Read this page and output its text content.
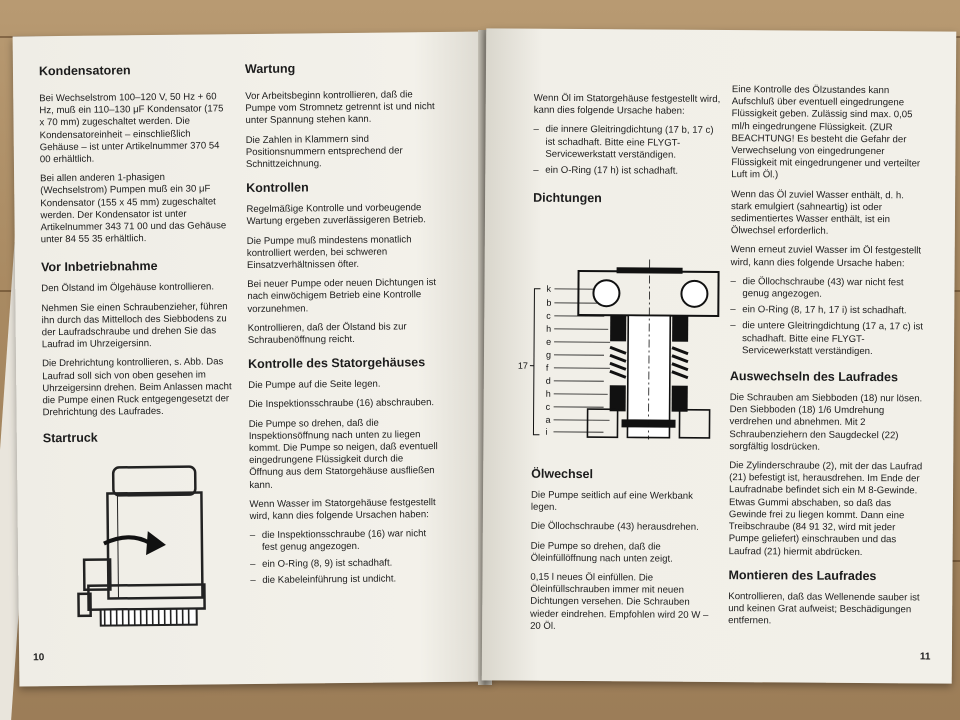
Kondensatoren

Bei Wechselstrom 100–120 V, 50 Hz + 60 Hz, muß ein 110–130 μF Kondensator (175 x 70 mm) zugeschaltet werden. Die Kondensatoreinheit – einschließlich Gehäuse – ist unter Artikelnummer 370 54 00 erhältlich.

Bei allen anderen 1-phasigen (Wechselstrom) Pumpen muß ein 30 μF Kondensator (155 x 45 mm) zugeschaltet werden. Der Kondensator ist unter Artikelnummer 343 71 00 und das Gehäuse unter 84 55 35 erhältlich.

Vor Inbetriebnahme

Den Ölstand im Ölgehäuse kontrollieren.

Nehmen Sie einen Schraubenzieher, führen ihn durch das Mittelloch des Siebbodens zu der Laufradschraube und drehen Sie das Laufrad im Uhrzeigersinn.

Die Drehrichtung kontrollieren, s. Abb. Das Laufrad soll sich von oben gesehen im Uhrzeigersinn drehen. Beim Anlassen macht die Pumpe einen Ruck entgegengesetzt der Drehrichtung des Laufrades.

Startruck
Wartung

Vor Arbeitsbeginn kontrollieren, daß die Pumpe vom Stromnetz getrennt ist und nicht unter Spannung stehen kann.

Die Zahlen in Klammern sind Positionsnummern entsprechend der Schnittzeichnung.

Kontrollen

Regelmäßige Kontrolle und vorbeugende Wartung ergeben zuverlässigeren Betrieb.

Die Pumpe muß mindestens monatlich kontrolliert werden, bei schweren Einsatzverhältnissen öfter.

Bei neuer Pumpe oder neuen Dichtungen ist nach einwöchigem Betrieb eine Kontrolle vorzunehmen.

Kontrollieren, daß der Ölstand bis zur Schraubenöffnung reicht.

Kontrolle des Statorgehäuses

Die Pumpe auf die Seite legen.

Die Inspektionsschraube (16) abschrauben.

Die Pumpe so drehen, daß die Inspektionsöffnung nach unten zu liegen kommt. Die Pumpe so neigen, daß eventuell eingedrungene Flüssigkeit durch die Öffnung aus dem Statorgehäuse ausfließen kann.

Wenn Wasser im Statorgehäuse festgestellt wird, kann dies folgende Ursachen haben:

– die Inspektionsschraube (16) war nicht fest genug angezogen.
– ein O-Ring (8, 9) ist schadhaft.
– die Kabeleinführung ist undicht.
10

Wenn Öl im Statorgehäuse festgestellt wird, kann dies folgende Ursache haben:

– die innere Gleitringdichtung (17 b, 17 c) ist schadhaft. Bitte eine FLYGT-Servicewerkstatt verständigen.
– ein O-Ring (17 h) ist schadhaft.
Dichtungen
k
b
c
h
e
g
f
d
h
c
a
i
17
Ölwechsel

Die Pumpe seitlich auf eine Werkbank legen.

Die Öllochschraube (43) herausdrehen.

Die Pumpe so drehen, daß die Öleinfüllöffnung nach unten zeigt.

0,15 l neues Öl einfüllen. Die Öleinfüllschrauben immer mit neuen Dichtungen versehen. Die Schrauben wieder eindrehen. Empfohlen wird 20 W – 20 Öl.

Eine Kontrolle des Ölzustandes kann Aufschluß über eventuell eingedrungene Flüssigkeit geben. Zulässig sind max. 0,05 ml/h eingedrungene Flüssigkeit. (ZUR BEACHTUNG! Es besteht die Gefahr der Verwechselung von eingedrungener Flüssigkeit mit eingedrungener und verteilter Luft im Öl.)

Wenn das Öl zuviel Wasser enthält, d. h. stark emulgiert (sahneartig) ist oder sedimentiertes Wasser enthält, ist ein Ölwechsel erforderlich.

Wenn erneut zuviel Wasser im Öl festgestellt wird, kann dies folgende Ursache haben:

– die Öllochschraube (43) war nicht fest genug angezogen.
– ein O-Ring (8, 17 h, 17 i) ist schadhaft.
– die untere Gleitringdichtung (17 a, 17 c) ist schadhaft. Bitte eine FLYGT-Servicewerkstatt verständigen.
Auswechseln des Laufrades

Die Schrauben am Siebboden (18) nur lösen. Den Siebboden (18) 1/6 Umdrehung verdrehen und abnehmen. Mit 2 Schraubenziehern den Saugdeckel (22) sorgfältig losdrücken.

Die Zylinderschraube (2), mit der das Laufrad (21) befestigt ist, herausdrehen. Im Ende der Laufradnabe befindet sich ein M 8-Gewinde. Etwas Gummi abschaben, so daß das Gewinde frei zu liegen kommt. Dann eine Treibschraube (84 91 32, wird mit jeder Pumpe geliefert) einschrauben und das Laufrad (21) hiermit abdrücken.

Montieren des Laufrades

Kontrollieren, daß das Wellenende sauber ist und keinen Grat aufweist; Beschädigungen entfernen.

11
